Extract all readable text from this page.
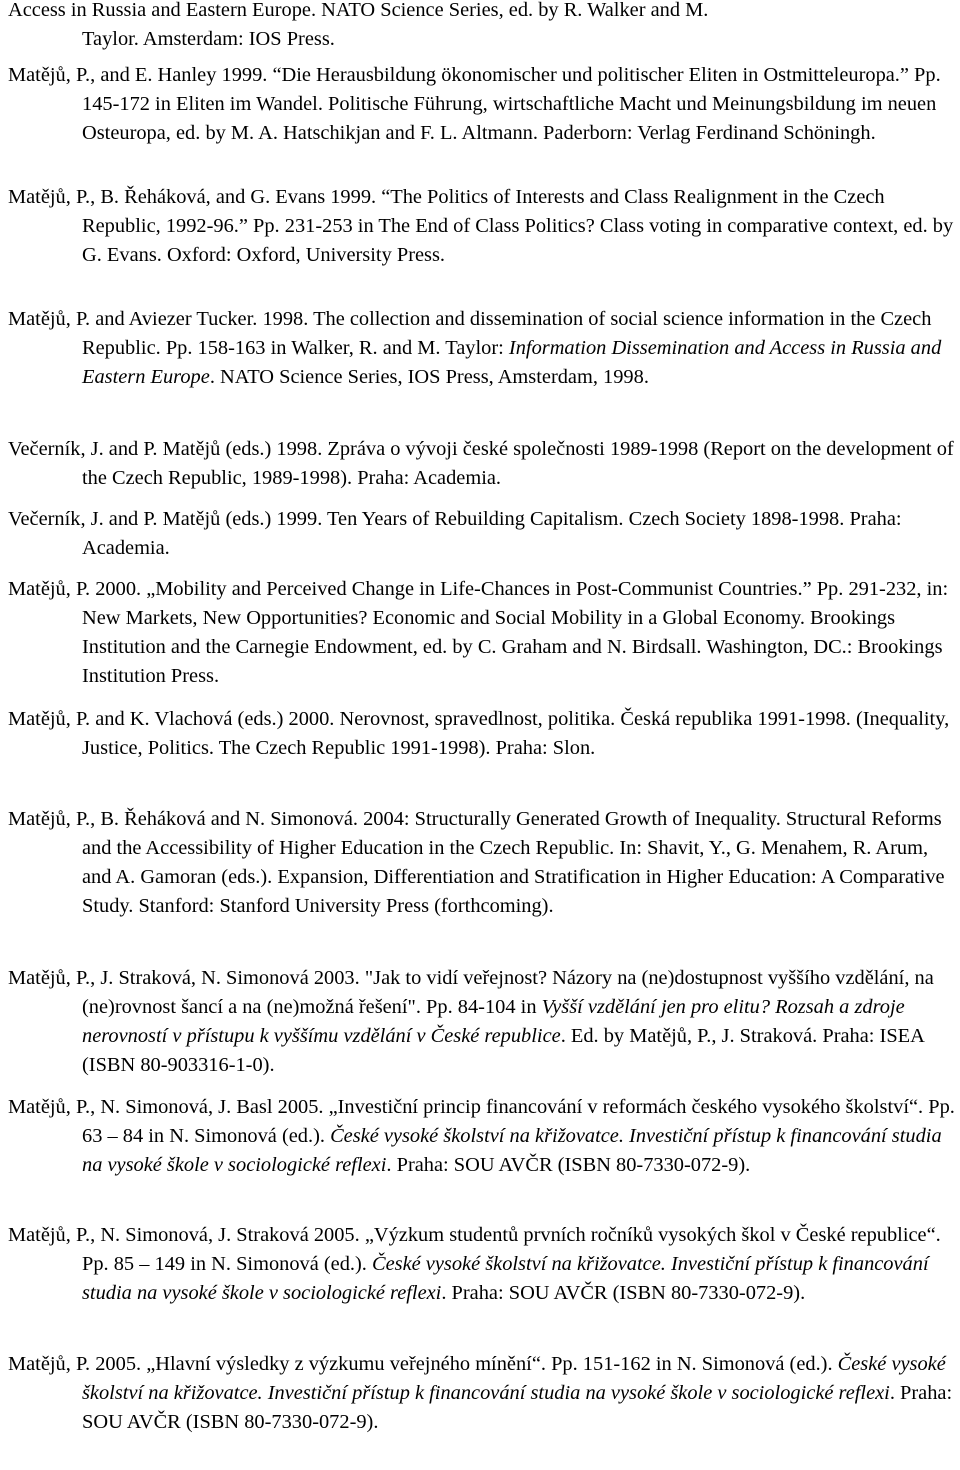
Access in Russia and Eastern Europe. NATO Science Series, ed. by R. Walker and M.
Taylor. Amsterdam: IOS Press.

Matějů, P., and E. Hanley 1999. “Die Herausbildung ökonomischer und politischer Eliten in Ostmitteleuropa.” Pp. 145-172 in Eliten im Wandel. Politische Führung, wirtschaftliche Macht und Meinungsbildung im neuen Osteuropa, ed. by M. A. Hatschikjan and F. L. Altmann. Paderborn: Verlag Ferdinand Schöningh.

Matějů, P., B. Řeháková, and G. Evans 1999. “The Politics of Interests and Class Realignment in the Czech Republic, 1992-96.” Pp. 231-253 in The End of Class Politics? Class voting in comparative context, ed. by G. Evans. Oxford: Oxford, University Press.

Matějů, P. and Aviezer Tucker. 1998. The collection and dissemination of social science information in the Czech Republic. Pp. 158-163 in Walker, R. and M. Taylor: Information Dissemination and Access in Russia and Eastern Europe. NATO Science Series, IOS Press, Amsterdam, 1998.

Večerník, J. and P. Matějů (eds.) 1998. Zpráva o vývoji české společnosti 1989-1998 (Report on the development of the Czech Republic, 1989-1998). Praha: Academia.

Večerník, J. and P. Matějů (eds.) 1999. Ten Years of Rebuilding Capitalism. Czech Society 1898-1998. Praha: Academia.

Matějů, P. 2000. „Mobility and Perceived Change in Life-Chances in Post-Communist Countries.” Pp. 291-232, in: New Markets, New Opportunities? Economic and Social Mobility in a Global Economy. Brookings Institution and the Carnegie Endowment, ed. by C. Graham and N. Birdsall. Washington, DC.: Brookings Institution Press.

Matějů, P. and K. Vlachová (eds.) 2000. Nerovnost, spravedlnost, politika. Česká republika 1991-1998. (Inequality, Justice, Politics. The Czech Republic 1991-1998). Praha: Slon.

Matějů, P., B. Řeháková and N. Simonová. 2004: Structurally Generated Growth of Inequality. Structural Reforms and the Accessibility of Higher Education in the Czech Republic. In: Shavit, Y., G. Menahem, R. Arum, and A. Gamoran (eds.). Expansion, Differentiation and Stratification in Higher Education: A Comparative Study. Stanford: Stanford University Press (forthcoming).

Matějů, P., J. Straková, N. Simonová 2003. "Jak to vidí veřejnost? Názory na (ne)dostupnost vyššího vzdělání, na (ne)rovnost šancí a na (ne)možná řešení". Pp. 84-104 in Vyšší vzdělání jen pro elitu? Rozsah a zdroje nerovností v přístupu k vyššímu vzdělání v České republice. Ed. by Matějů, P., J. Straková. Praha: ISEA (ISBN 80-903316-1-0).

Matějů, P., N. Simonová, J. Basl 2005. „Investiční princip financování v reformách českého vysokého školství“. Pp. 63 – 84 in N. Simonová (ed.). České vysoké školství na křižovatce. Investiční přístup k financování studia na vysoké škole v sociologické reflexi. Praha: SOU AVČR (ISBN 80-7330-072-9).

Matějů, P., N. Simonová, J. Straková 2005. „Výzkum studentů prvních ročníků vysokých škol v České republice“. Pp. 85 – 149 in N. Simonová (ed.). České vysoké školství na křižovatce. Investiční přístup k financování studia na vysoké škole v sociologické reflexi. Praha: SOU AVČR (ISBN 80-7330-072-9).

Matějů, P. 2005. „Hlavní výsledky z výzkumu veřejného mínění“. Pp. 151-162 in N. Simonová (ed.). České vysoké školství na křižovatce. Investiční přístup k financování studia na vysoké škole v sociologické reflexi. Praha: SOU AVČR (ISBN 80-7330-072-9).
